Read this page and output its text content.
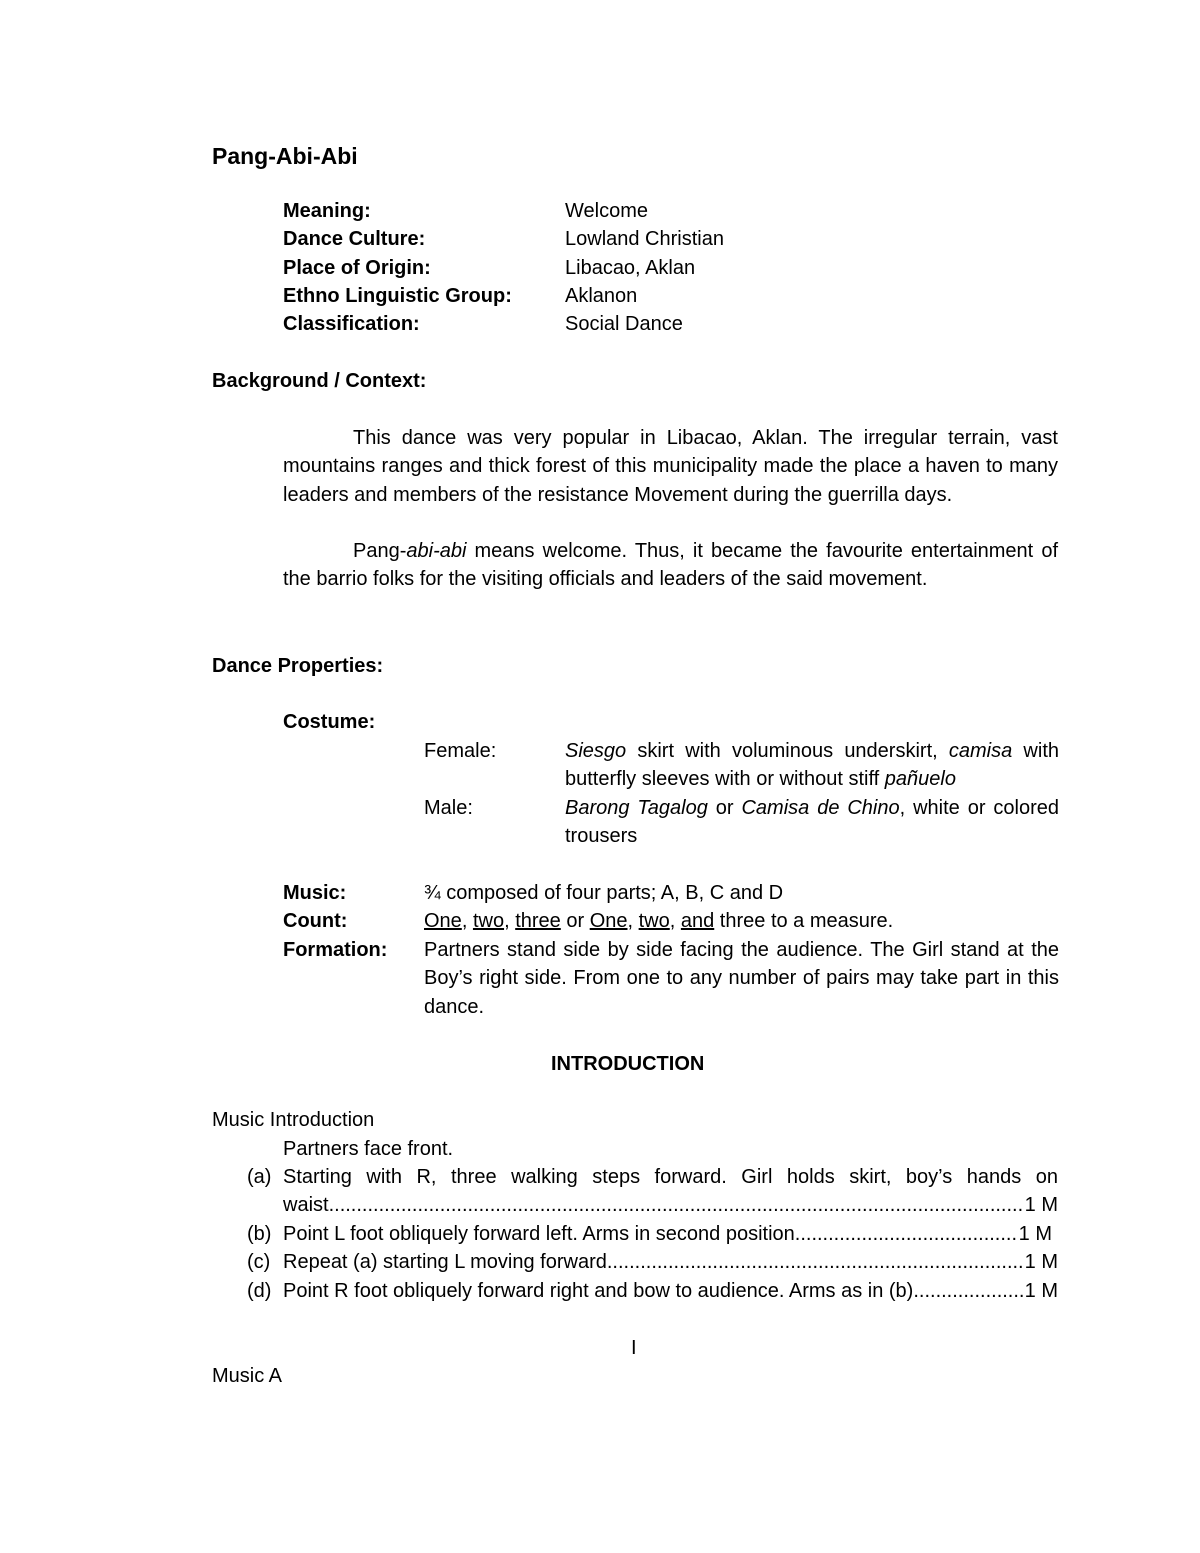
Pang-Abi-Abi
Meaning:	Welcome
Dance Culture:	Lowland Christian
Place of Origin:	Libacao, Aklan
Ethno Linguistic Group:	Aklanon
Classification:	Social Dance
Background / Context:
This dance was very popular in Libacao, Aklan. The irregular terrain, vast mountains ranges and thick forest of this municipality made the place a haven to many leaders and members of the resistance Movement during the guerrilla days.
Pang-abi-abi means welcome. Thus, it became the favourite entertainment of the barrio folks for the visiting officials and leaders of the said movement.
Dance Properties:
Costume:
Female:	Siesgo skirt with voluminous underskirt, camisa with butterfly sleeves with or without stiff pañuelo
Male:	Barong Tagalog or Camisa de Chino, white or colored trousers
Music:	¾ composed of four parts; A, B, C and D
Count:	One, two, three or One, two, and three to a measure.
Formation: Partners stand side by side facing the audience. The Girl stand at the Boy’s right side. From one to any number of pairs may take part in this dance.
INTRODUCTION
Music Introduction
Partners face front.
(a) Starting with R, three walking steps forward. Girl holds skirt, boy’s hands on
waist .....	1 M
(b) Point L foot obliquely forward left. Arms in second position. .....	1 M
(c) Repeat (a) starting L moving forward .....	1 M
(d) Point R foot obliquely forward right and bow to audience. Arms as in (b) .....	1 M
I
Music A
